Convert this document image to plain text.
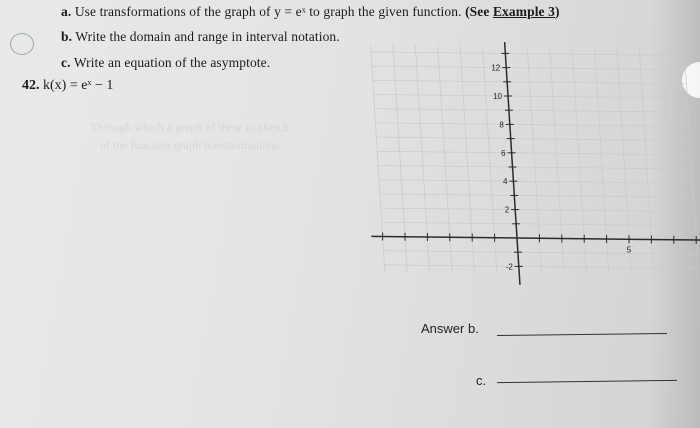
Through which a graph of these to sketch
of the function graph transformations
a. Use transformations of the graph of y = eˣ to graph the given function. (See Example 3)
b. Write the domain and range in interval notation.
c. Write an equation of the asymptote.
42. k(x) = eˣ − 1
12
10
8
6
4
2
-2
5
Answer b.
c.
